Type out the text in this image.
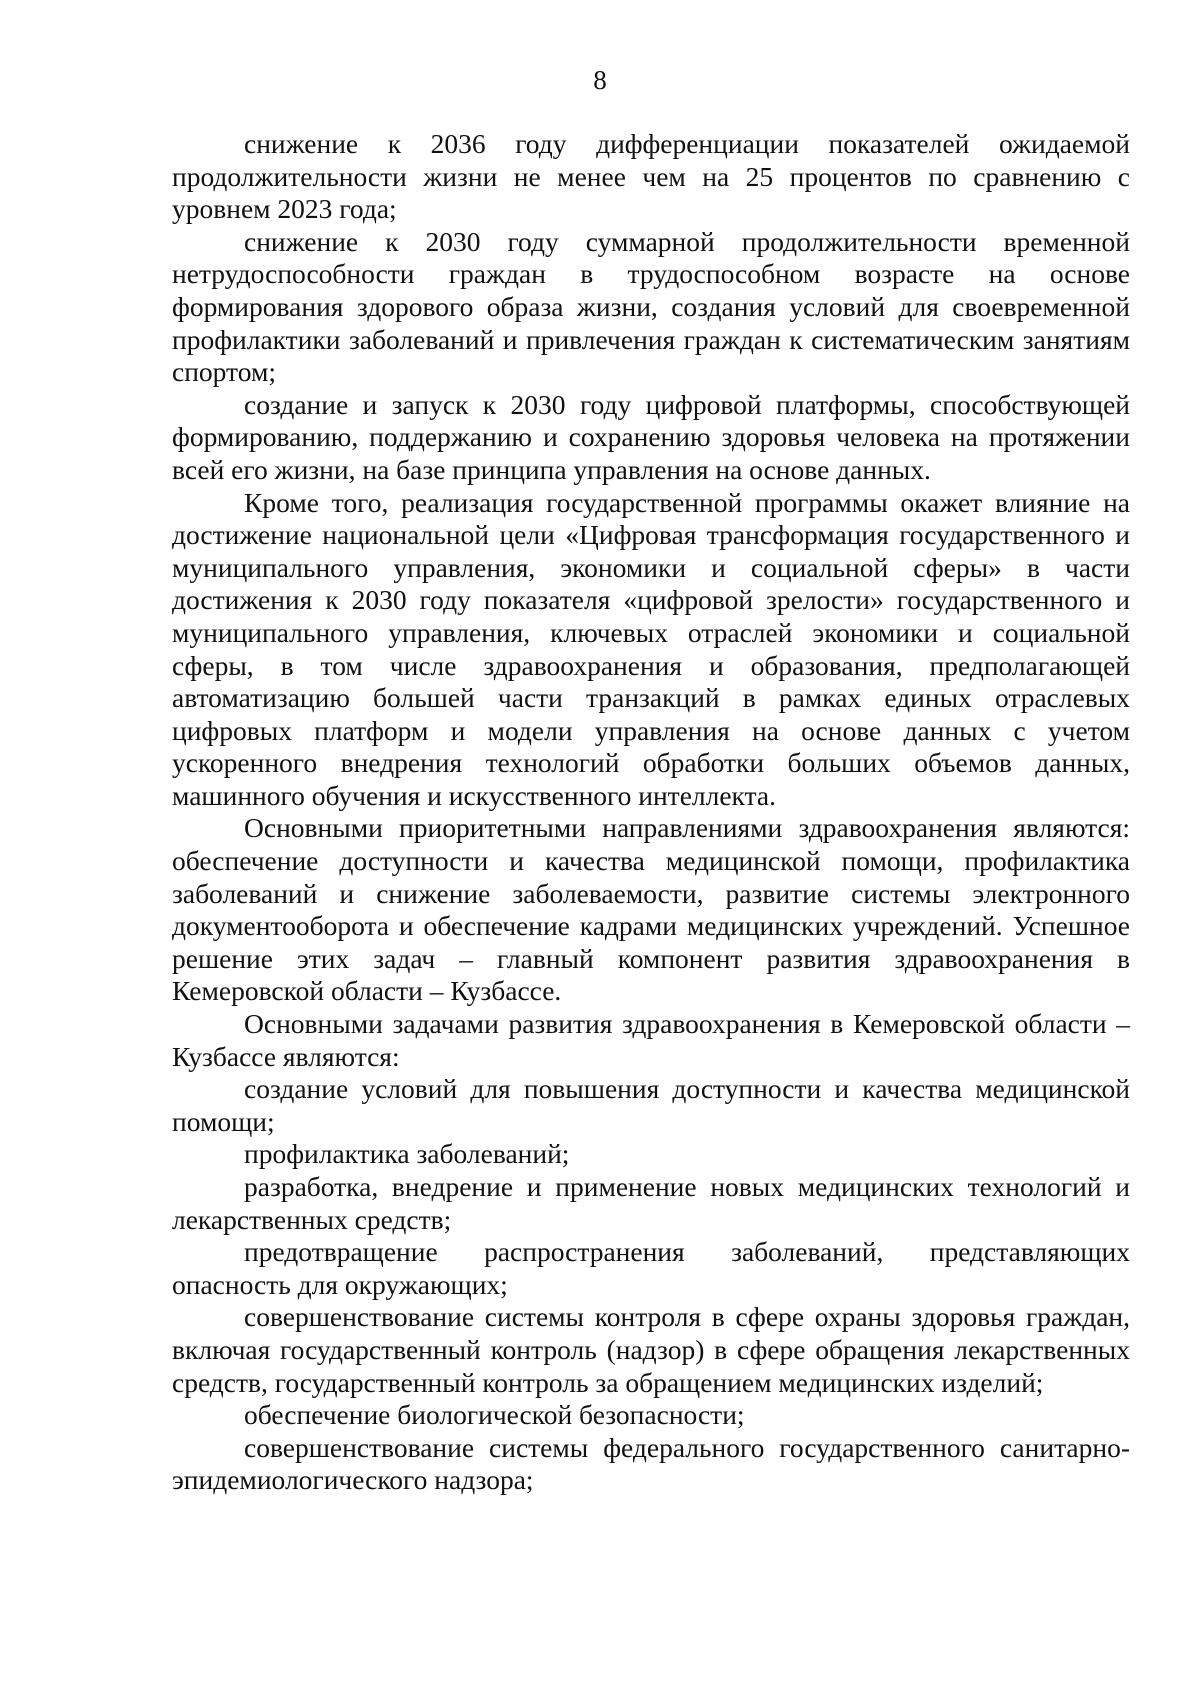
8

снижение к 2036 году дифференциации показателей ожидаемой продолжительности жизни не менее чем на 25 процентов по сравнению с уровнем 2023 года;

снижение к 2030 году суммарной продолжительности временной нетрудоспособности граждан в трудоспособном возрасте на основе формирования здорового образа жизни, создания условий для своевременной профилактики заболеваний и привлечения граждан к систематическим занятиям спортом;

создание и запуск к 2030 году цифровой платформы, способствующей формированию, поддержанию и сохранению здоровья человека на протяжении всей его жизни, на базе принципа управления на основе данных.

Кроме того, реализация государственной программы окажет влияние на достижение национальной цели «Цифровая трансформация государственного и муниципального управления, экономики и социальной сферы» в части достижения к 2030 году показателя «цифровой зрелости» государственного и муниципального управления, ключевых отраслей экономики и социальной сферы, в том числе здравоохранения и образования, предполагающей автоматизацию большей части транзакций в рамках единых отраслевых цифровых платформ и модели управления на основе данных с учетом ускоренного внедрения технологий обработки больших объемов данных, машинного обучения и искусственного интеллекта.

Основными приоритетными направлениями здравоохранения являются: обеспечение доступности и качества медицинской помощи, профилактика заболеваний и снижение заболеваемости, развитие системы электронного документооборота и обеспечение кадрами медицинских учреждений. Успешное решение этих задач – главный компонент развития здравоохранения в Кемеровской области – Кузбассе.

Основными задачами развития здравоохранения в Кемеровской области – Кузбассе являются:

создание условий для повышения доступности и качества медицинской помощи;

профилактика заболеваний;

разработка, внедрение и применение новых медицинских технологий и лекарственных средств;

предотвращение распространения заболеваний, представляющих опасность для окружающих;

совершенствование системы контроля в сфере охраны здоровья граждан, включая государственный контроль (надзор) в сфере обращения лекарственных средств, государственный контроль за обращением медицинских изделий;

обеспечение биологической безопасности;

совершенствование системы федерального государственного санитарно-эпидемиологического надзора;
